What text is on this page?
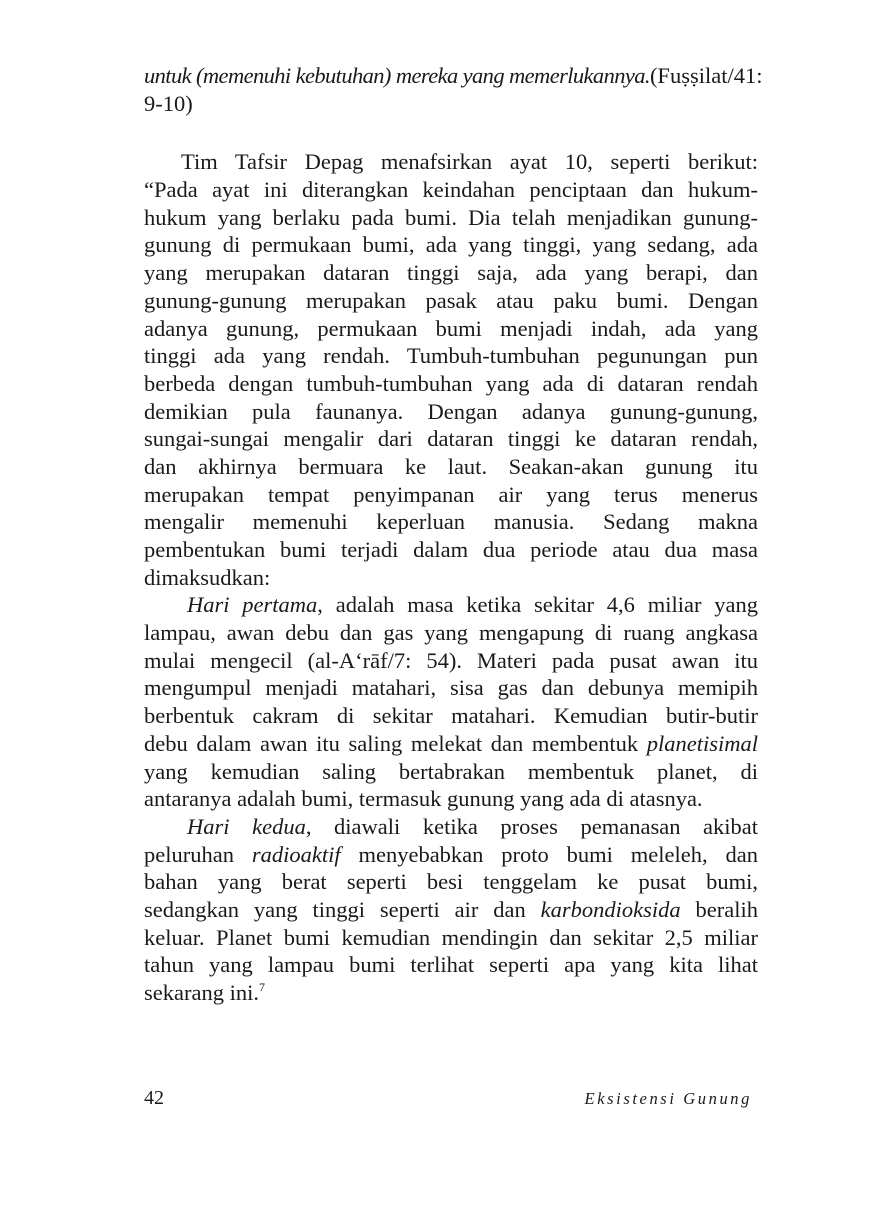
untuk (memenuhi kebutuhan) mereka yang memerlukannya.(Fuṣṣilat/41:
9-10)
Tim Tafsir Depag menafsirkan ayat 10, seperti berikut:
“Pada ayat ini diterangkan keindahan penciptaan dan hukum-
hukum yang berlaku pada bumi. Dia telah menjadikan gunung-
gunung di permukaan bumi, ada yang tinggi, yang sedang, ada
yang merupakan dataran tinggi saja, ada yang berapi, dan
gunung-gunung merupakan pasak atau paku bumi. Dengan
adanya gunung, permukaan bumi menjadi indah, ada yang
tinggi ada yang rendah. Tumbuh-tumbuhan pegunungan pun
berbeda dengan tumbuh-tumbuhan yang ada di dataran rendah
demikian pula faunanya. Dengan adanya gunung-gunung,
sungai-sungai mengalir dari dataran tinggi ke dataran rendah,
dan akhirnya bermuara ke laut. Seakan-akan gunung itu
merupakan tempat penyimpanan air yang terus menerus
mengalir memenuhi keperluan manusia. Sedang makna
pembentukan bumi terjadi dalam dua periode atau dua masa
dimaksudkan:
Hari pertama, adalah masa ketika sekitar 4,6 miliar yang
lampau, awan debu dan gas yang mengapung di ruang angkasa
mulai mengecil (al-A‘rāf/7: 54). Materi pada pusat awan itu
mengumpul menjadi matahari, sisa gas dan debunya memipih
berbentuk cakram di sekitar matahari. Kemudian butir-butir
debu dalam awan itu saling melekat dan membentuk planetisimal
yang kemudian saling bertabrakan membentuk planet, di
antaranya adalah bumi, termasuk gunung yang ada di atasnya.
Hari kedua, diawali ketika proses pemanasan akibat
peluruhan radioaktif menyebabkan proto bumi meleleh, dan
bahan yang berat seperti besi tenggelam ke pusat bumi,
sedangkan yang tinggi seperti air dan karbondioksida beralih
keluar. Planet bumi kemudian mendingin dan sekitar 2,5 miliar
tahun yang lampau bumi terlihat seperti apa yang kita lihat
sekarang ini.$^7$
42	Eksistensi Gunung
